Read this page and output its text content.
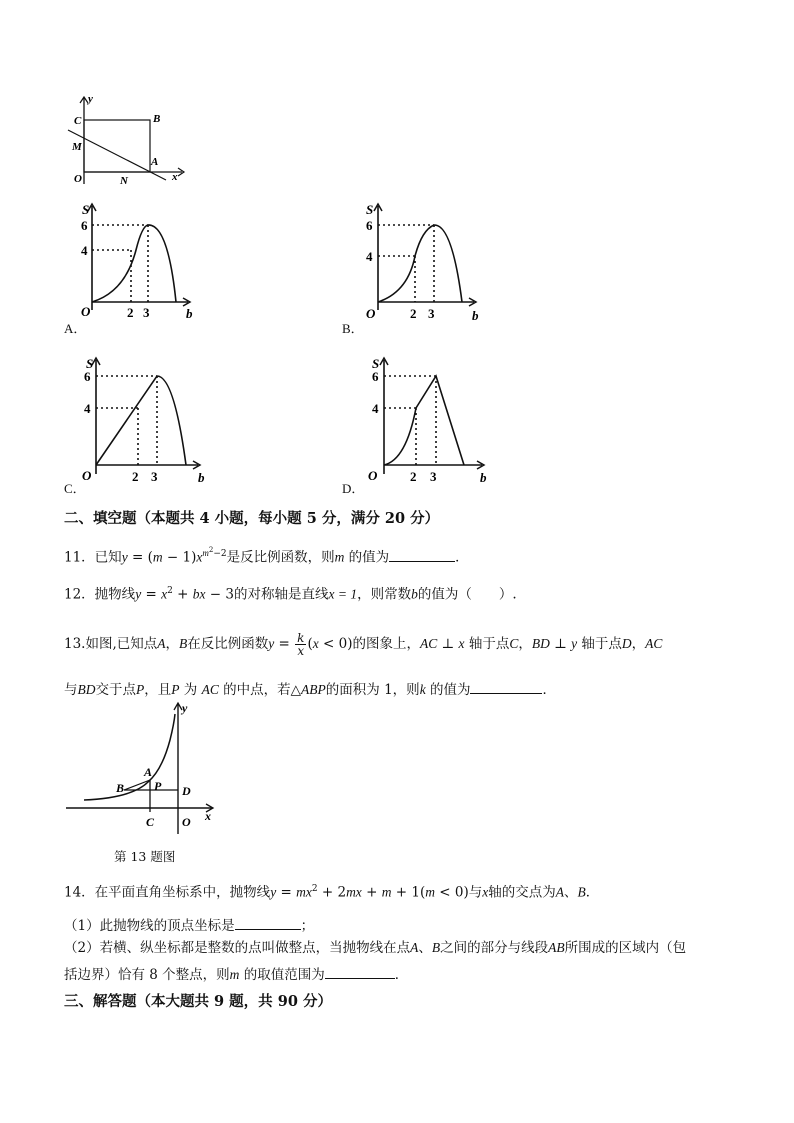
y
C	B
M
A
O	N	x
S
b
O	2 3
6
4
A．
S
b
O	2 3
6
4
B．
S
b
O	2 3
6
4
C．
S
b
O	2 3
6
4
D．
二、填空题（本题共 4 小题，每小题 5 分，满分 20 分）
11．已知$y = (m - 1)x^{m^2-2}$是反比例函数，则m 的值为	．
12．抛物线$y = x^2$ + bx − 3的对称轴是直线x = 1，则常数b的值为（　　）.
13.如图,已知点A，B在反比例函数$y = \frac{k}{x} (x < 0)$的图象上，AC ⊥ x 轴于点C，BD ⊥ y 轴于点D，AC
与BD交于点P，且P 为 AC 的中点，若△ABP的面积为 1，则k 的值为	．
y
A
B P D
C O x
第 13 题图
14．在平面直角坐标系中，抛物线$y = mx^2 + 2mx + m + 1(m < 0)$与x轴的交点为A、B．
（1）此抛物线的顶点坐标是	；
（2）若横、纵坐标都是整数的点叫做整点，当抛物线在点A、B之间的部分与线段AB所围成的区域内（包
括边界）恰有 8 个整点，则m 的取值范围为	．
三、解答题（本大题共 9 题，共 90 分）
